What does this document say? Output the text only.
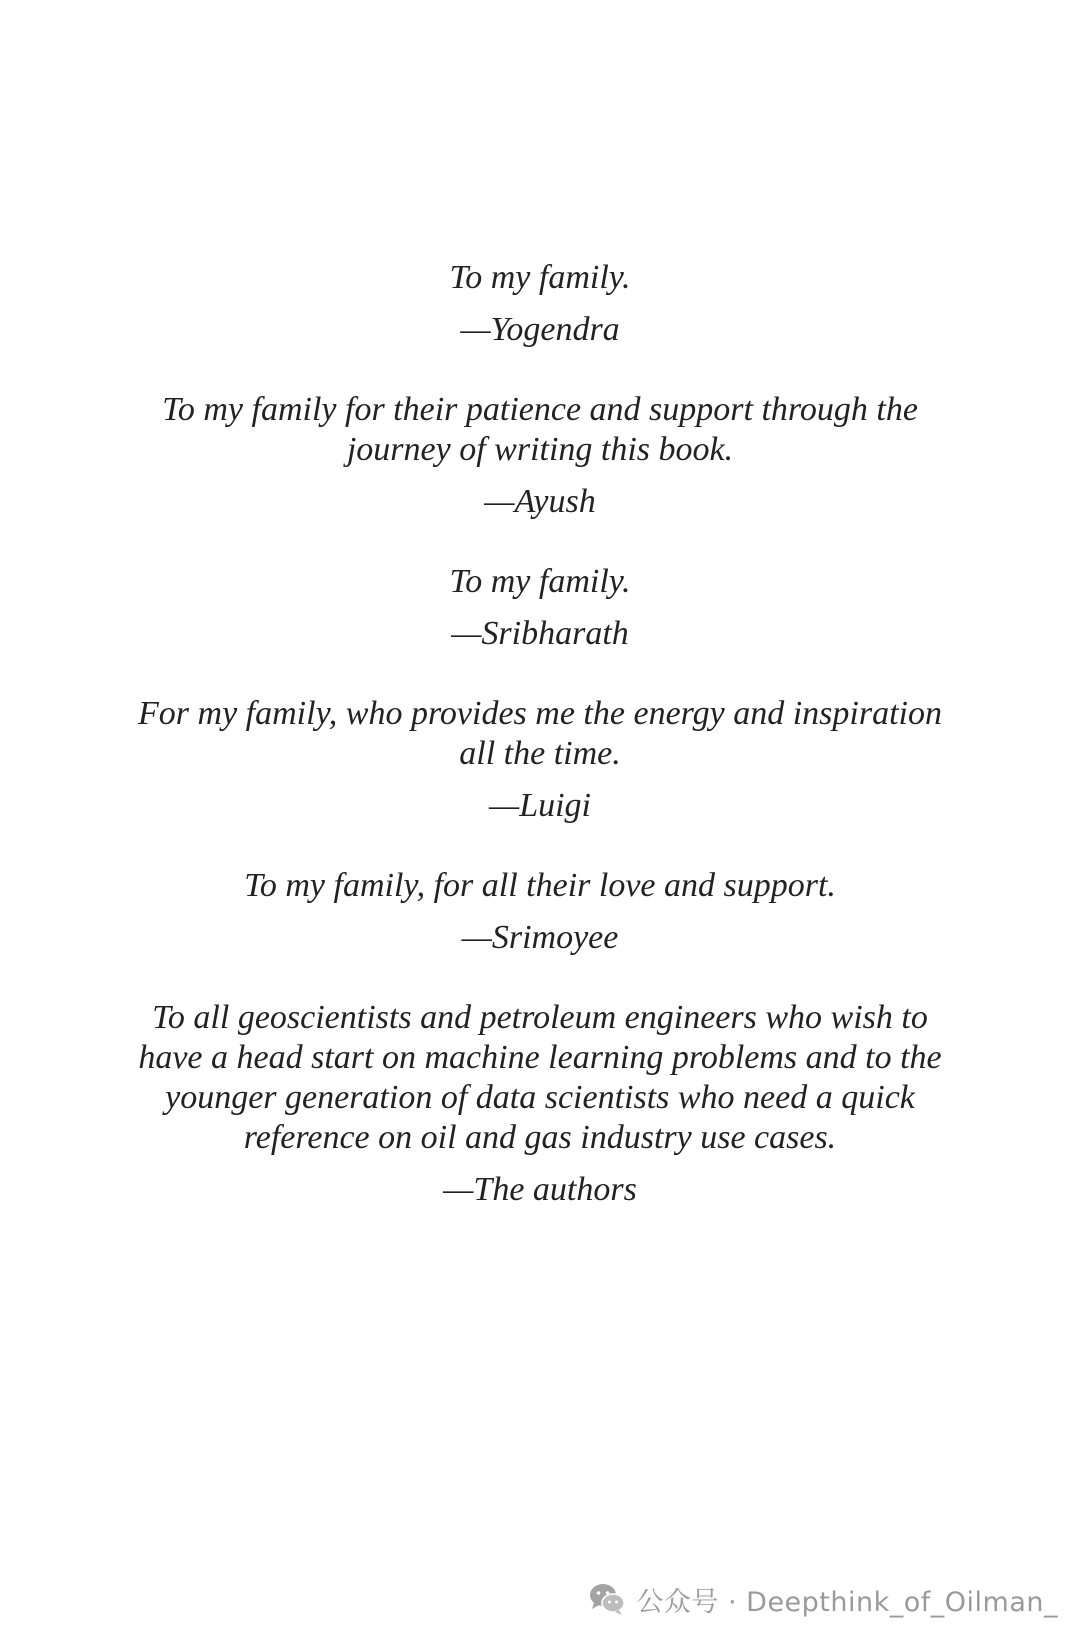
To my family.

—Yogendra

To my family for their patience and support through the journey of writing this book.

—Ayush

To my family.

—Sribharath

For my family, who provides me the energy and inspiration all the time.

—Luigi

To my family, for all their love and support.

—Srimoyee

To all geoscientists and petroleum engineers who wish to have a head start on machine learning problems and to the younger generation of data scientists who need a quick reference on oil and gas industry use cases.

—The authors

公众号 · Deepthink_of_Oilman_
